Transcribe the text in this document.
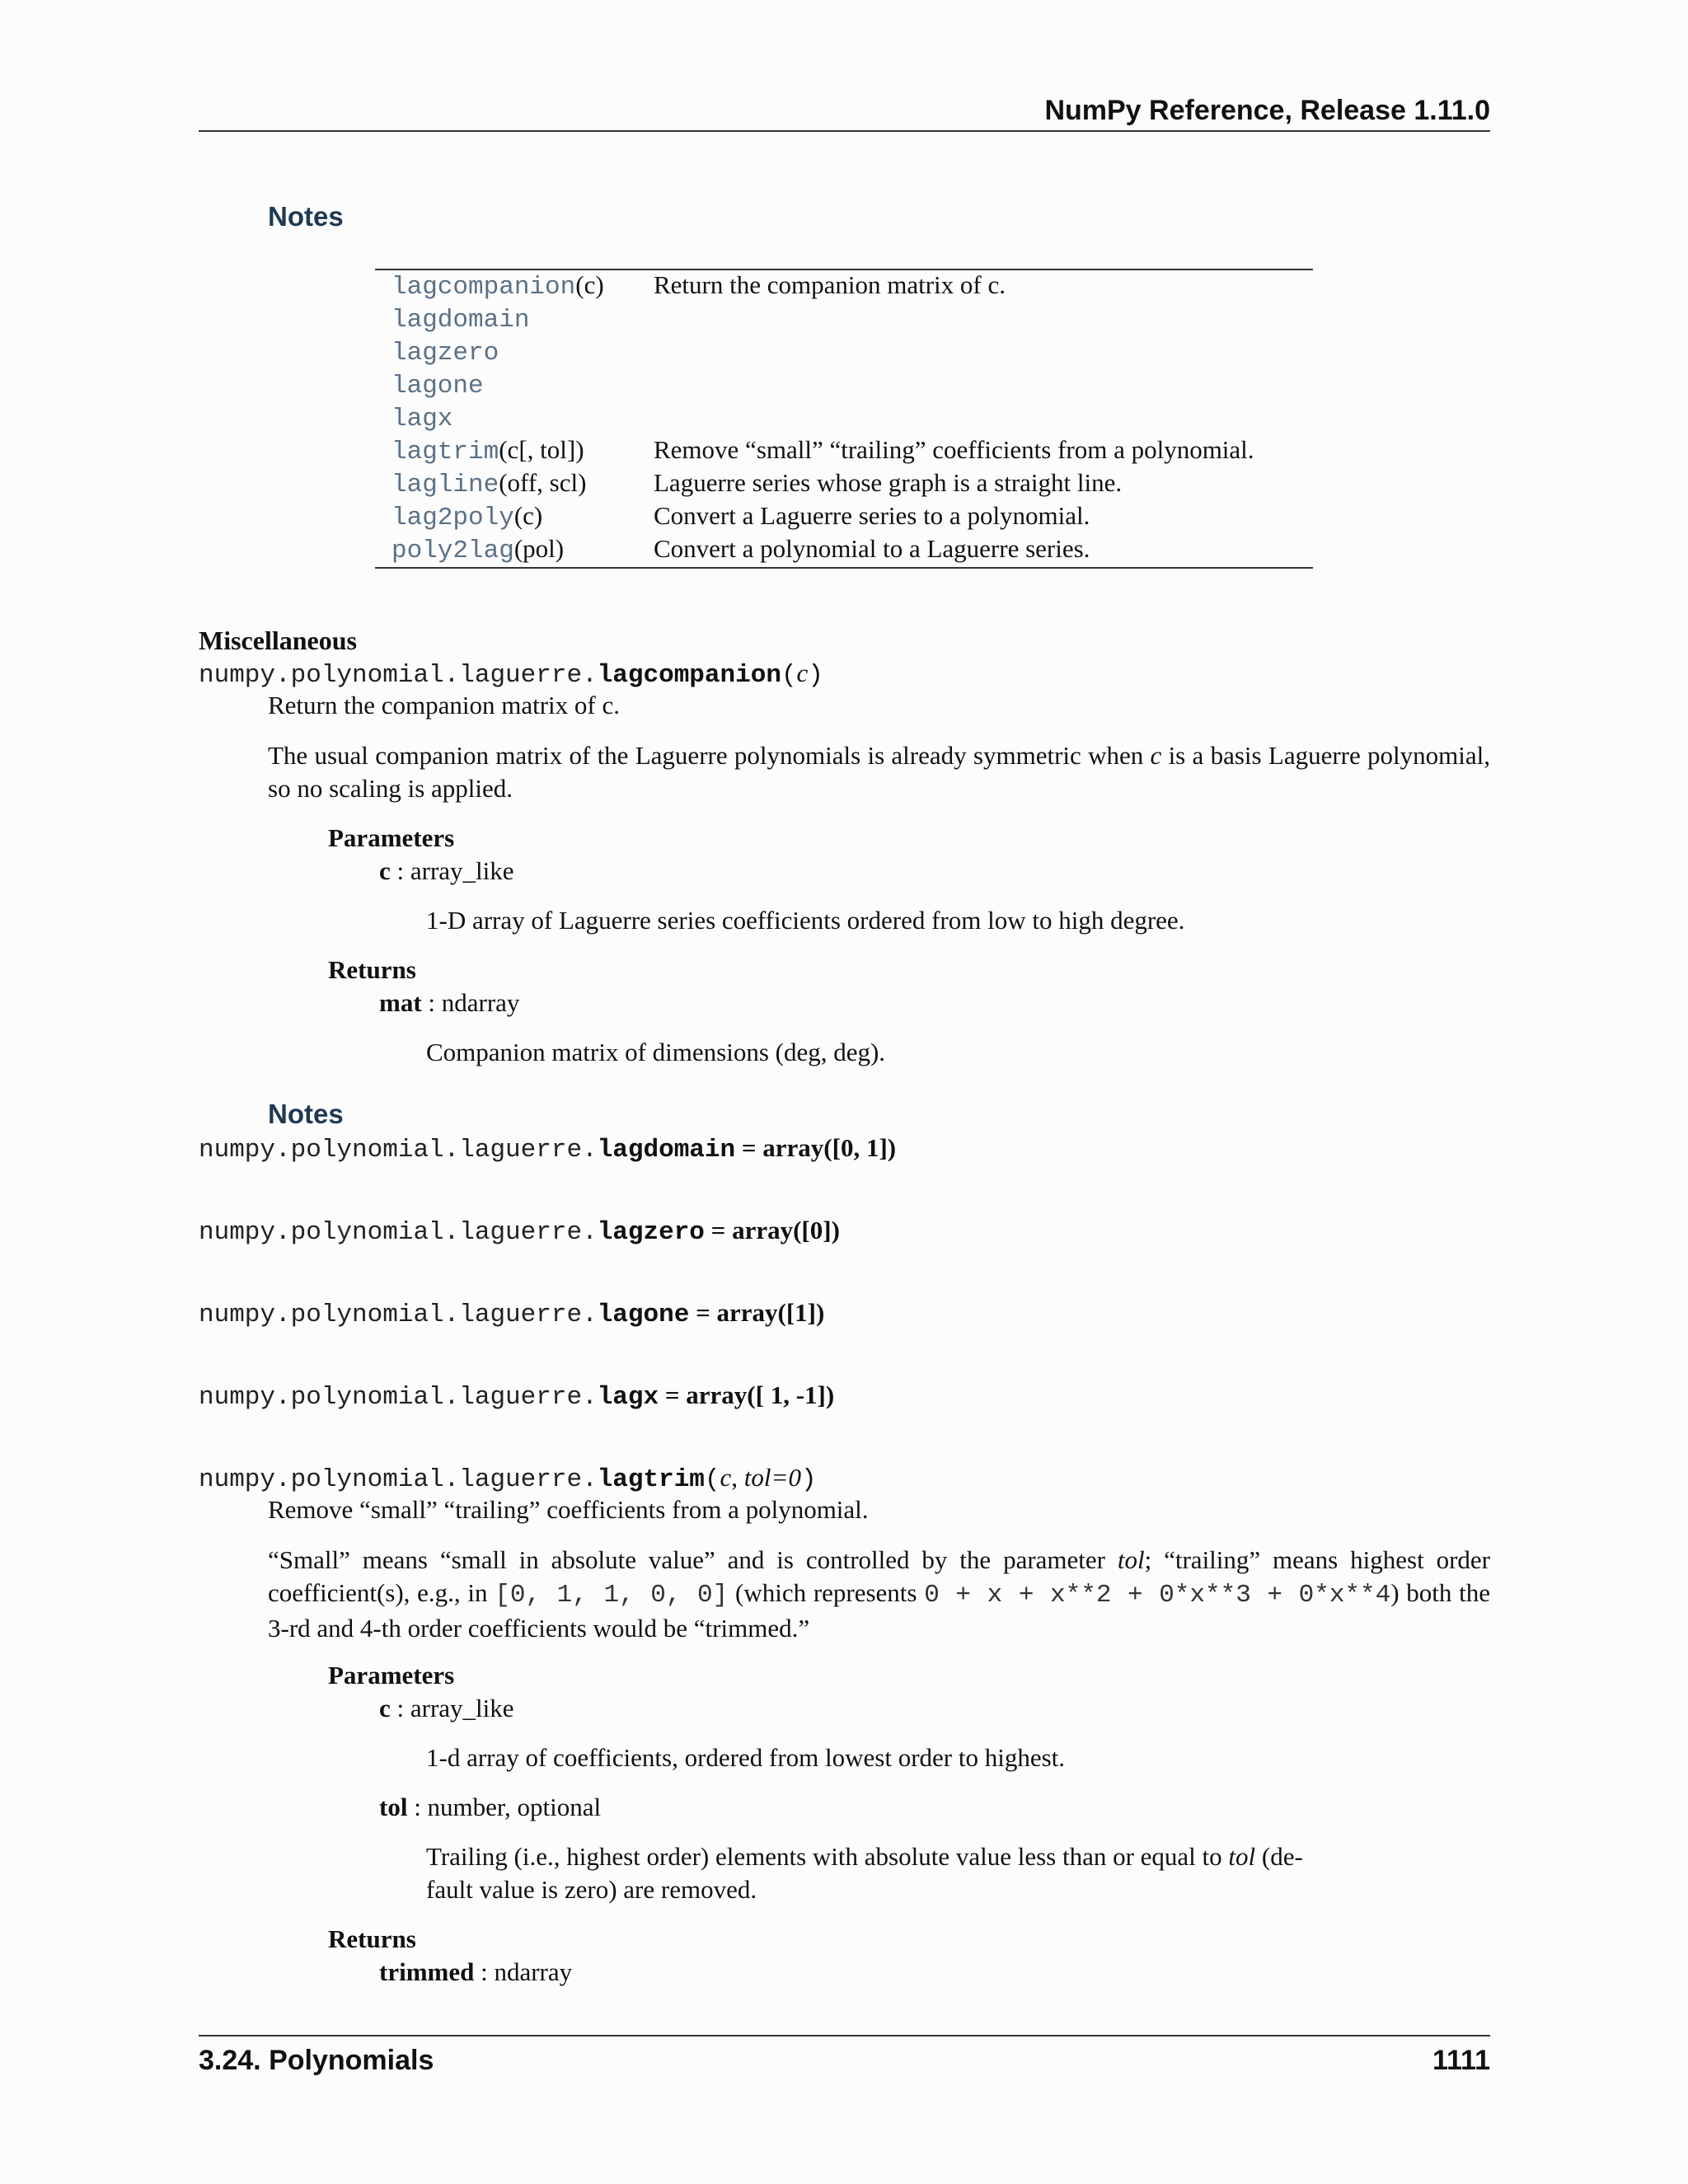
NumPy Reference, Release 1.11.0
Notes
lagcompanion(c) Return the companion matrix of c.
lagdomain
lagzero
lagone
lagx
lagtrim(c[, tol])	Remove “small” “trailing” coefficients from a polynomial.
lagline(off, scl)	Laguerre series whose graph is a straight line.
lag2poly(c)	Convert a Laguerre series to a polynomial.
poly2lag(pol)	Convert a polynomial to a Laguerre series.
Miscellaneous
numpy.polynomial.laguerre.lagcompanion(c)
Return the companion matrix of c.
The usual companion matrix of the Laguerre polynomials is already symmetric when c is a basis Laguerre polynomial, so no scaling is applied.
Parameters
c : array_like
1-D array of Laguerre series coefficients ordered from low to high degree.
Returns
mat : ndarray
Companion matrix of dimensions (deg, deg).
Notes
numpy.polynomial.laguerre.lagdomain = array([0, 1])
numpy.polynomial.laguerre.lagzero = array([0])
numpy.polynomial.laguerre.lagone = array([1])
numpy.polynomial.laguerre.lagx = array([ 1, -1])
numpy.polynomial.laguerre.lagtrim(c, tol=0)
Remove “small” “trailing” coefficients from a polynomial.
“Small” means “small in absolute value” and is controlled by the parameter tol; “trailing” means highest order coefficient(s), e.g., in [0, 1, 1, 0, 0] (which represents 0 + x + x**2 + 0*x**3 + 0*x**4) both the 3-rd and 4-th order coefficients would be “trimmed.”
Parameters
c : array_like
1-d array of coefficients, ordered from lowest order to highest.
tol : number, optional
Trailing (i.e., highest order) elements with absolute value less than or equal to tol (de-
fault value is zero) are removed.
Returns
trimmed : ndarray
3.24. Polynomials	1111
